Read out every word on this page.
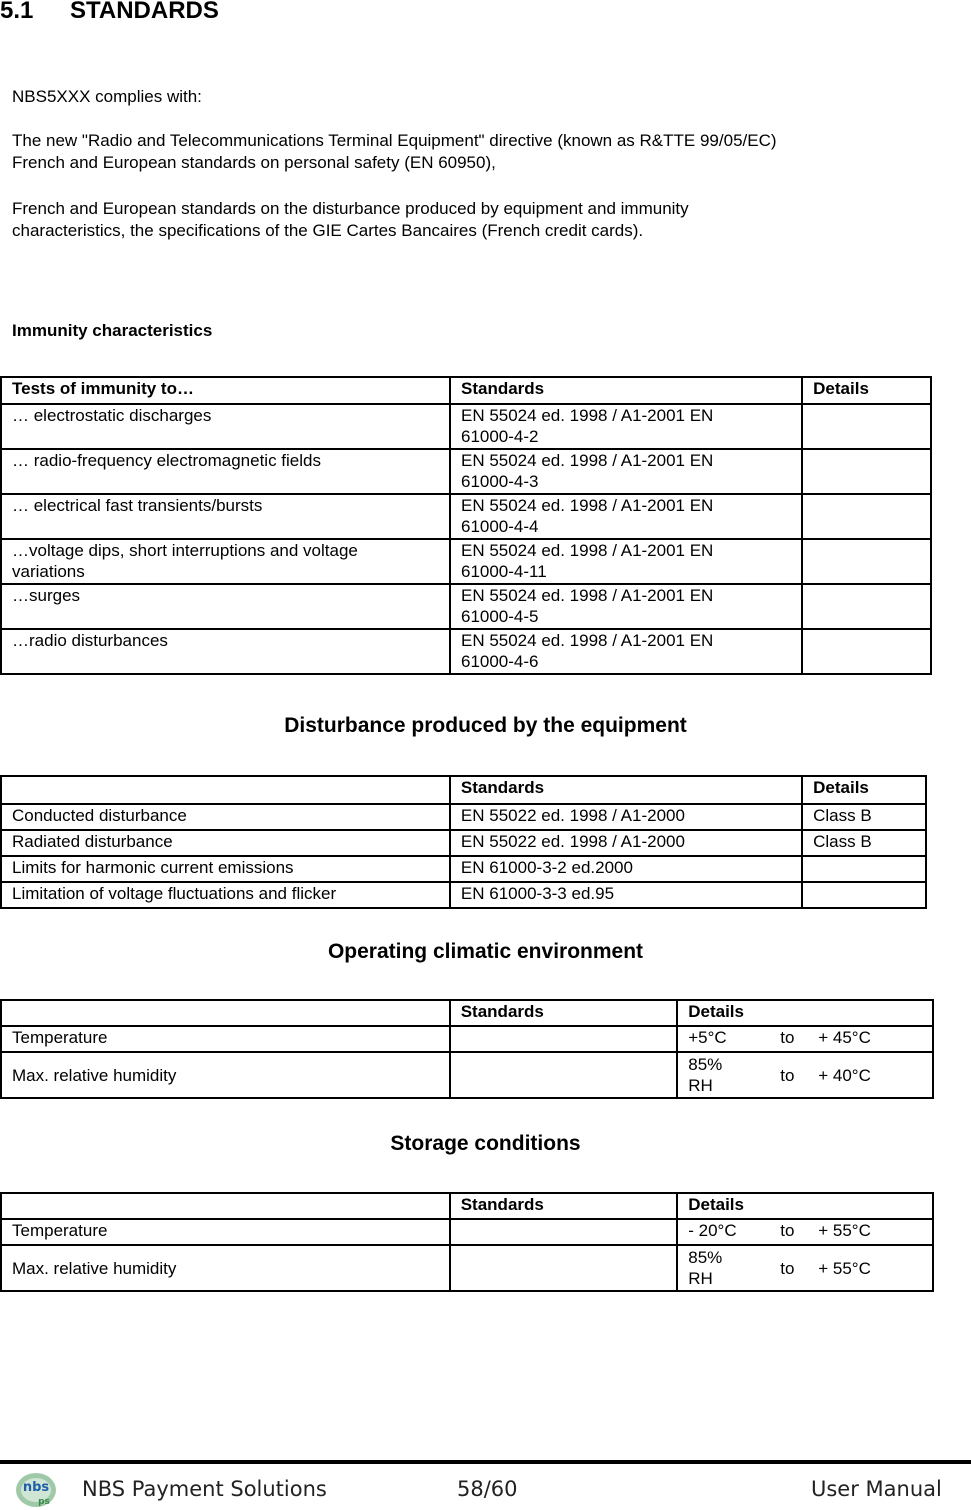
5.1 STANDARDS

NBS5XXX complies with:

The new "Radio and Telecommunications Terminal Equipment" directive (known as R&TTE 99/05/EC)
French and European standards on personal safety (EN 60950),

French and European standards on the disturbance produced by equipment and immunity
characteristics, the specifications of the GIE Cartes Bancaires (French credit cards).

Immunity characteristics

Tests of immunity to…	Standards	Details
… electrostatic discharges	EN 55024 ed. 1998 / A1-2001 EN
61000-4-2	
… radio-frequency electromagnetic fields	EN 55024 ed. 1998 / A1-2001 EN
61000-4-3	
… electrical fast transients/bursts	EN 55024 ed. 1998 / A1-2001 EN
61000-4-4	
…voltage dips, short interruptions and voltage
variations	EN 55024 ed. 1998 / A1-2001 EN
61000-4-11	
…surges	EN 55024 ed. 1998 / A1-2001 EN
61000-4-5	
…radio disturbances	EN 55024 ed. 1998 / A1-2001 EN
61000-4-6	

Disturbance produced by the equipment

	Standards	Details
Conducted disturbance	EN 55022 ed. 1998 / A1-2000	Class B
Radiated disturbance	EN 55022 ed. 1998 / A1-2000	Class B
Limits for harmonic current emissions	EN 61000-3-2 ed.2000	
Limitation of voltage fluctuations and flicker	EN 61000-3-3 ed.95	

Operating climatic environment

	Standards	Details
Temperature		+5°C to + 45°C

Max. relative humidity		85% RH
to + 40°C

Storage conditions

	Standards	Details
Temperature		- 20°C to + 55°C

Max. relative humidity		85% RH
to + 55°C
nbs
ps
NBS Payment Solutions	58/60	User Manual
